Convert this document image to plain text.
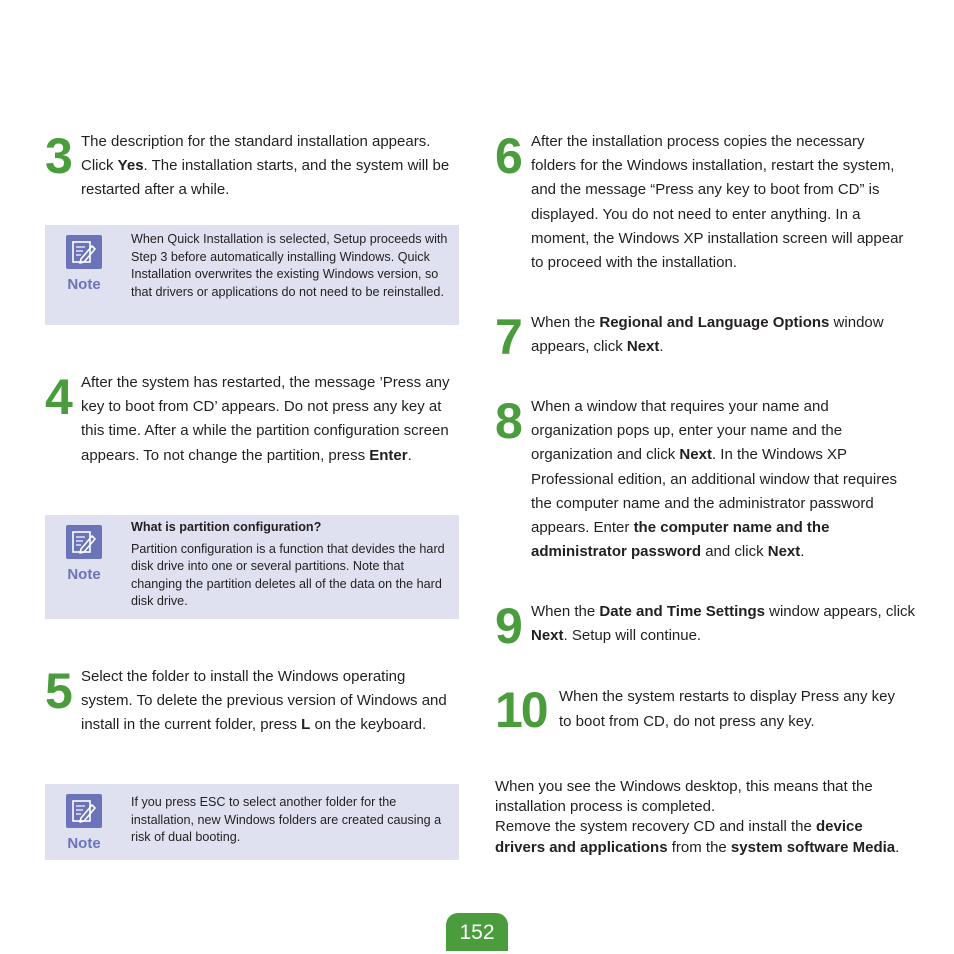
3 The description for the standard installation appears. Click Yes. The installation starts, and the system will be restarted after a while.
Note
When Quick Installation is selected, Setup proceeds with Step 3 before automatically installing Windows. Quick Installation overwrites the existing Windows version, so that drivers or applications do not need to be reinstalled.
4 After the system has restarted, the message ’Press any key to boot from CD’ appears. Do not press any key at this time. After a while the partition configuration screen appears. To not change the partition, press Enter.
Note
What is partition configuration?
Partition configuration is a function that devides the hard disk drive into one or several partitions. Note that changing the partition deletes all of the data on the hard disk drive.
5 Select the folder to install the Windows operating system. To delete the previous version of Windows and install in the current folder, press L on the keyboard.
Note
If you press ESC to select another folder for the installation, new Windows folders are created causing a risk of dual booting.
6 After the installation process copies the necessary folders for the Windows installation, restart the system, and the message “Press any key to boot from CD” is displayed. You do not need to enter anything. In a moment, the Windows XP installation screen will appear to proceed with the installation.
7 When the Regional and Language Options window appears, click Next.
8 When a window that requires your name and organization pops up, enter your name and the organization and click Next. In the Windows XP Professional edition, an additional window that requires the computer name and the administrator password appears. Enter the computer name and the administrator password and click Next.
9 When the Date and Time Settings window appears, click Next. Setup will continue.
10 When the system restarts to display Press any key to boot from CD, do not press any key.
When you see the Windows desktop, this means that the installation process is completed.
Remove the system recovery CD and install the device drivers and applications from the system software Media.
152
